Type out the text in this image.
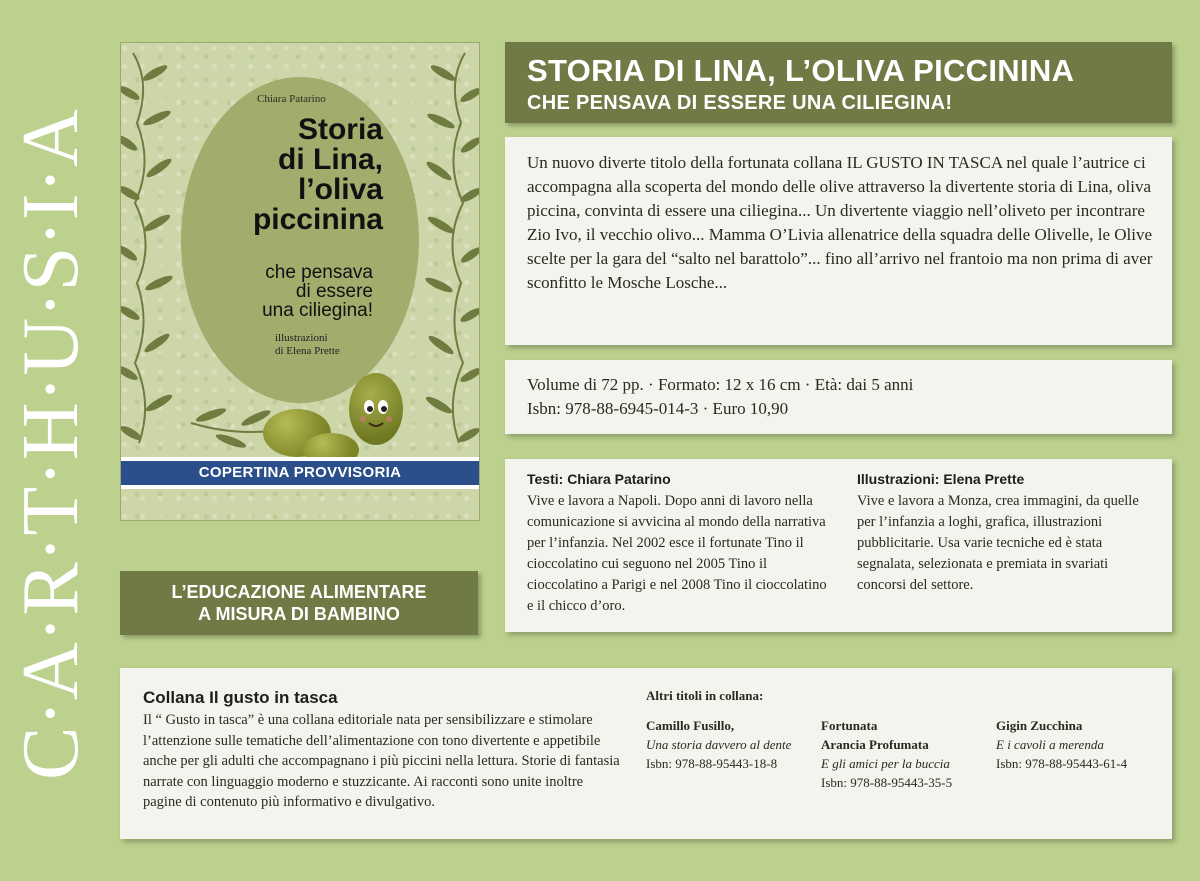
C·A·R·T·H·U·S·I·A
Chiara Patarino
Storia
di Lina,
l’oliva
piccinina
che pensava
di essere
una ciliegina!
illustrazioni
di Elena Prette
COPERTINA PROVVISORIA
L’EDUCAZIONE ALIMENTARE
A MISURA DI BAMBINO
STORIA DI LINA, L’OLIVA PICCININA
CHE PENSAVA DI ESSERE UNA CILIEGINA!

Un nuovo diverte titolo della fortunata collana IL GUSTO IN TASCA nel quale l’autrice ci accompagna alla scoperta del mondo delle olive attraverso la divertente storia di Lina, oliva piccina, convinta di essere una ciliegina... Un divertente viaggio nell’oliveto per incontrare Zio Ivo, il vecchio olivo... Mamma O’Livia allenatrice della squadra delle Olivelle, le Olive scelte per la gara del “salto nel barattolo”... fino all’arrivo nel frantoio ma non prima di aver sconfitto le Mosche Losche...

Volume di 72 pp. · Formato: 12 x 16 cm · Età: dai 5 anni
Isbn: 978-88-6945-014-3 · Euro 10,90

Testi: Chiara Patarino

Vive e lavora a Napoli. Dopo anni di lavoro nella comunicazione si avvicina al mondo della narrativa per l’infanzia. Nel 2002 esce il fortunate Tino il cioccolatino cui seguono nel 2005 Tino il cioccolatino a Parigi e nel 2008 Tino il cioccolatino e il chicco d’oro.

Illustrazioni: Elena Prette

Vive e lavora a Monza, crea immagini, da quelle per l’infanzia a loghi, grafica, illustrazioni pubblicitarie. Usa varie tecniche ed è stata segnalata, selezionata e premiata in svariati concorsi del settore.

Collana Il gusto in tasca

Il “ Gusto in tasca” è una collana editoriale nata per sensibilizzare e stimolare l’attenzione sulle tematiche dell’alimentazione con tono divertente e appetibile anche per gli adulti che accompagnano i più piccini nella lettura. Storie di fantasia narrate con linguaggio moderno e stuzzicante. Ai racconti sono unite inoltre pagine di contenuto più informativo e divulgativo.

Altri titoli in collana:
Camillo Fusillo,
Una storia davvero al dente
Isbn: 978-88-95443-18-8
Fortunata
Arancia Profumata
E gli amici per la buccia
Isbn: 978-88-95443-35-5
Gigin Zucchina
E i cavoli a merenda
Isbn: 978-88-95443-61-4
